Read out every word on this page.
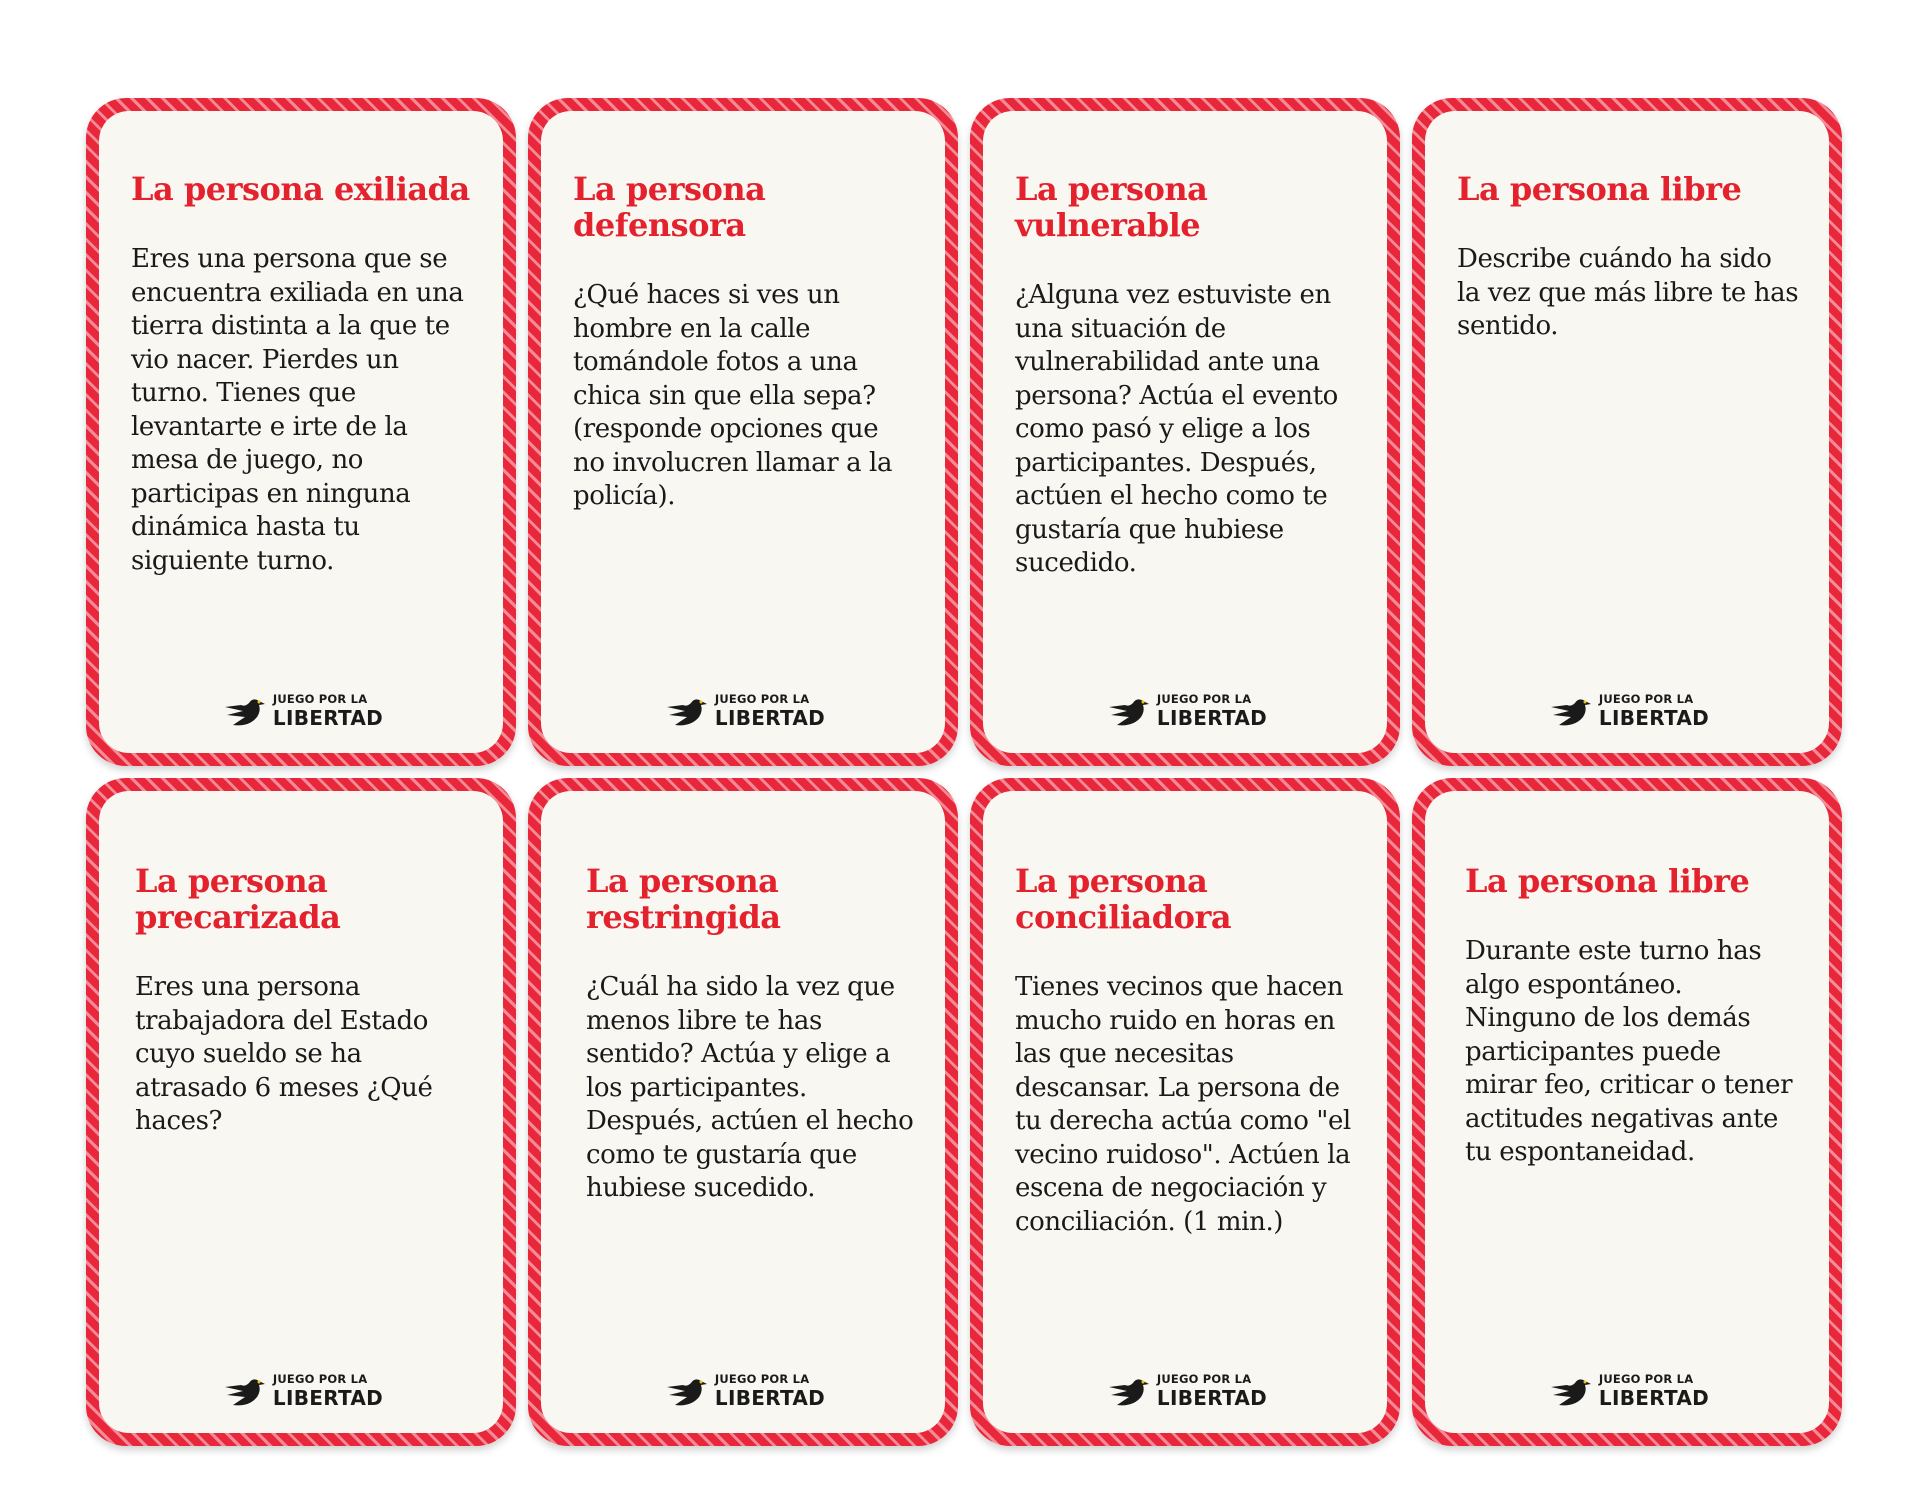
La persona exiliada
Eres una persona que se encuentra exiliada en una tierra distinta a la que te vio nacer. Pierdes un turno. Tienes que levantarte e irte de la mesa de juego, no participas en ninguna dinámica hasta tu siguiente turno.
JUEGO POR LA
LIBERTAD
La persona defensora
¿Qué haces si ves un hombre en la calle tomándole fotos a una chica sin que ella sepa? (responde opciones que no involucren llamar a la policía).
JUEGO POR LA
LIBERTAD
La persona vulnerable
¿Alguna vez estuviste en una situación de vulnerabilidad ante una persona? Actúa el evento como pasó y elige a los participantes. Después, actúen el hecho como te gustaría que hubiese sucedido.
JUEGO POR LA
LIBERTAD
La persona libre
Describe cuándo ha sido la vez que más libre te has sentido.
JUEGO POR LA
LIBERTAD
La persona precarizada
Eres una persona trabajadora del Estado cuyo sueldo se ha atrasado 6 meses ¿Qué haces?
JUEGO POR LA
LIBERTAD
La persona restringida
¿Cuál ha sido la vez que menos libre te has sentido? Actúa y elige a los participantes. Después, actúen el hecho como te gustaría que hubiese sucedido.
JUEGO POR LA
LIBERTAD
La persona conciliadora
Tienes vecinos que hacen mucho ruido en horas en las que necesitas descansar. La persona de tu derecha actúa como "el vecino ruidoso". Actúen la escena de negociación y conciliación. (1 min.)
JUEGO POR LA
LIBERTAD
La persona libre
Durante este turno has algo espontáneo. Ninguno de los demás participantes puede mirar feo, criticar o tener actitudes negativas ante tu espontaneidad.
JUEGO POR LA
LIBERTAD
